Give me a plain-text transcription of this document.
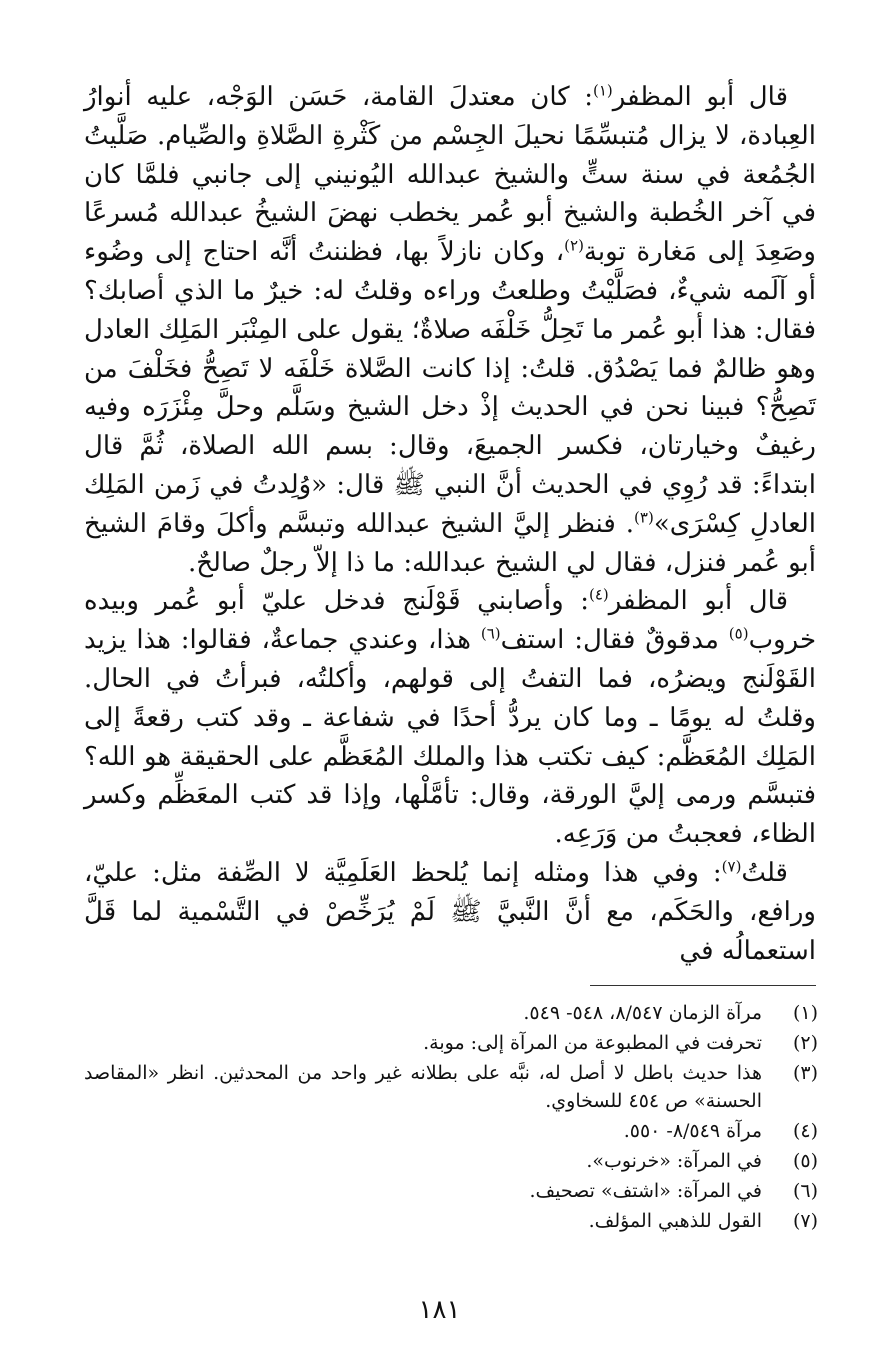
قال أبو المظفر$^{(١)}$: كان معتدلَ القامة، حَسَن الوَجْه، عليه أنوارُ العِبادة، لا يزال مُتبسِّمًا نحيلَ الجِسْم من كَثْرةِ الصَّلاةِ والصِّيام. صَلَّيتُ الجُمُعة في سنة ستٍّ والشيخ عبدالله اليُونيني إلى جانبي فلمَّا كان في آخر الخُطبة والشيخ أبو عُمر يخطب نهضَ الشيخُ عبدالله مُسرعًا وصَعِدَ إلى مَغارة توبة$^{(٢)}$، وكان نازلاً بها، فظننتُ أنَّه احتاج إلى وضُوء أو آلَمه شيءٌ، فصَلَّيْتُ وطلعتُ وراءه وقلتُ له: خيرٌ ما الذي أصابك؟ فقال: هذا أبو عُمر ما تَحِلُّ خَلْفَه صلاةٌ؛ يقول على المِنْبَر المَلِك العادل وهو ظالمٌ فما يَصْدُق. قلتُ: إذا كانت الصَّلاة خَلْفَه لا تَصِحُّ فخَلْفَ من تَصِحُّ؟ فبينا نحن في الحديث إذْ دخل الشيخ وسَلَّم وحلَّ مِئْزَرَه وفيه رغيفٌ وخيارتان، فكسر الجميعَ، وقال: بسم الله الصلاة، ثُمَّ قال ابتداءً: قد رُوِي في الحديث أنَّ النبي ﷺ قال: «وُلِدتُ في زَمن المَلِك العادلِ كِسْرَى»$^{(٣)}$. فنظر إليَّ الشيخ عبدالله وتبسَّم وأكلَ وقامَ الشيخ أبو عُمر فنزل، فقال لي الشيخ عبدالله: ما ذا إلاّ رجلٌ صالحٌ.

قال أبو المظفر$^{(٤)}$: وأصابني قَوْلَنج فدخل عليّ أبو عُمر وبيده خروب$^{(٥)}$ مدقوقٌ فقال: استف$^{(٦)}$ هذا، وعندي جماعةٌ، فقالوا: هذا يزيد القَوْلَنج ويضرُه، فما التفتُ إلى قولهم، وأكلتُه، فبرأتُ في الحال. وقلتُ له يومًا ـ وما كان يردُّ أحدًا في شفاعة ـ وقد كتب رقعةً إلى المَلِك المُعَظَّم: كيف تكتب هذا والملك المُعَظَّم على الحقيقة هو الله؟ فتبسَّم ورمى إليَّ الورقة، وقال: تأمَّلْها، وإذا قد كتب المعَظِّم وكسر الظاء، فعجبتُ من وَرَعِه.

قلتُ$^{(٧)}$: وفي هذا ومثله إنما يُلحظ العَلَمِيَّة لا الصِّفة مثل: عليّ، ورافع، والحَكَم، مع أنَّ النَّبيَّ ﷺ لَمْ يُرَخِّصْ في التَّسْمية لما قَلَّ استعمالُه في

(١)
مرآة الزمان ٨/٥٤٧، ٥٤٨- ٥٤٩.
(٢)
تحرفت في المطبوعة من المرآة إلى: موبة.
(٣)
هذا حديث باطل لا أصل له، نبَّه على بطلانه غير واحد من المحدثين. انظر «المقاصد الحسنة» ص ٤٥٤ للسخاوي.
(٤)
مرآة ٨/٥٤٩- ٥٥٠.
(٥)
في المرآة: «خرنوب».
(٦)
في المرآة: «اشتف» تصحيف.
(٧)
القول للذهبي المؤلف.
١٨١
